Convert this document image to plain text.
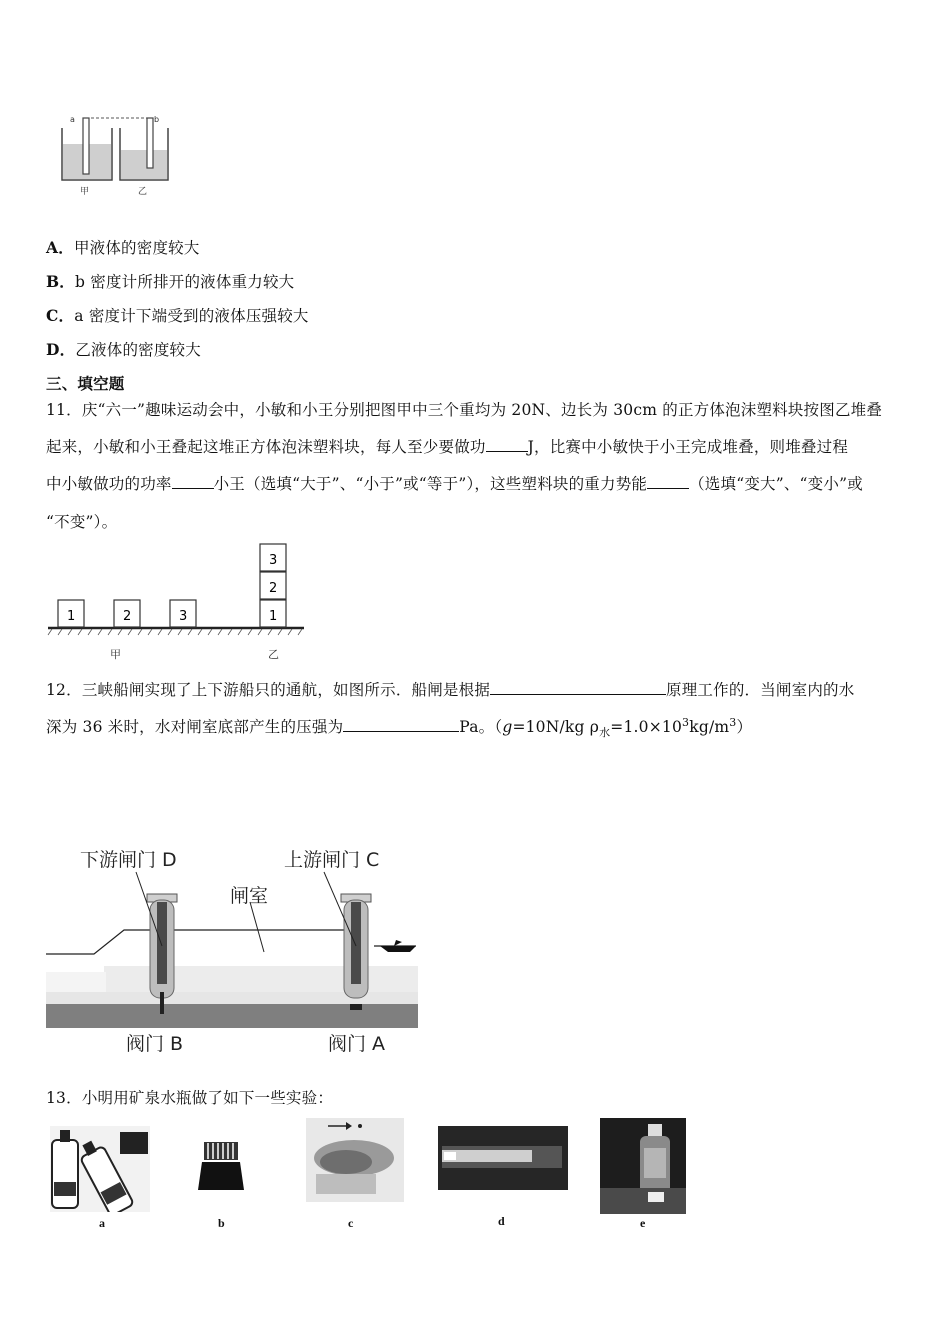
a	b
甲	乙
A．甲液体的密度较大
B．b 密度计所排开的液体重力较大
C．a 密度计下端受到的液体压强较大
D．乙液体的密度较大
三、填空题
11．庆“六一”趣味运动会中，小敏和小王分别把图甲中三个重均为 20N、边长为 30cm 的正方体泡沫塑料块按图乙堆叠
起来，小敏和小王叠起这堆正方体泡沫塑料块，每人至少要做功	J，比赛中小敏快于小王完成堆叠，则堆叠过程
中小敏做功的功率	小王（选填“大于”、“小于”或“等于”），这些塑料块的重力势能	（选填“变大”、“变小”或
“不变”）。
1	2	3
3
2
1
甲	乙
12．三峡船闸实现了上下游船只的通航，如图所示．船闸是根据	原理工作的．当闸室内的水
深为 36 米时，水对闸室底部产生的压强为	Pa。（g=10N/kg $\rho_水=1.0\times 10^3kg/m^3$）
下游闸门 D	上游闸门 C
闸室
阀门 B	阀门 A
13．小明用矿泉水瓶做了如下一些实验：
a	b	c	d	e
